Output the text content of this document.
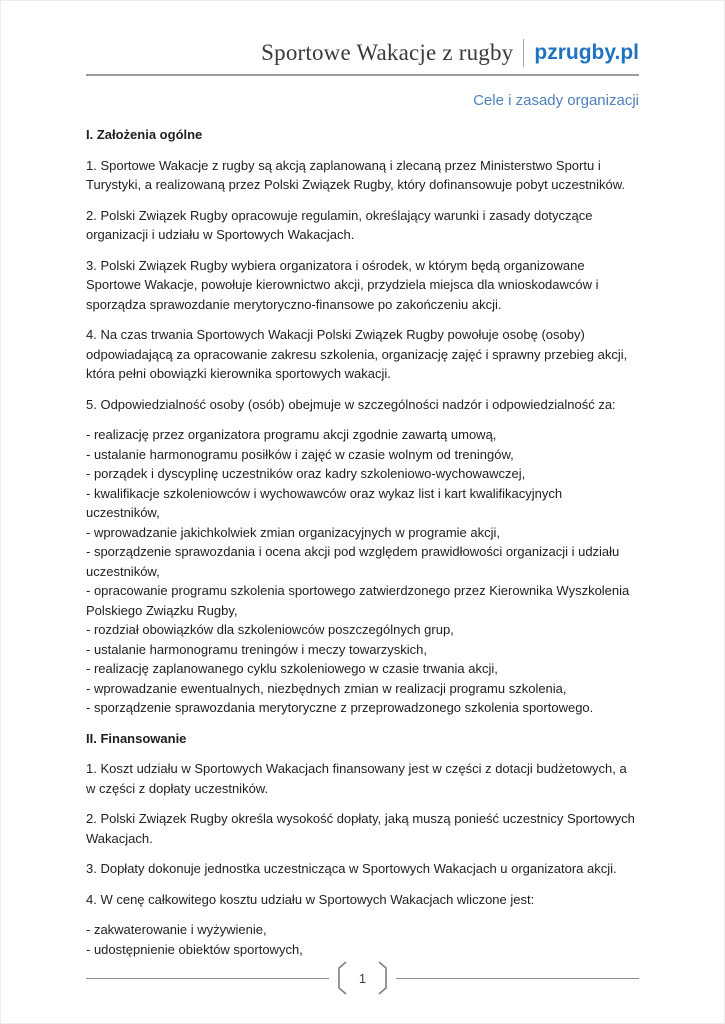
Sportowe Wakacje z rugby pzrugby.pl
Cele i zasady organizacji
I. Założenia ogólne
1. Sportowe Wakacje z rugby są akcją zaplanowaną i zlecaną przez Ministerstwo Sportu i Turystyki, a realizowaną przez Polski Związek Rugby, który dofinansowuje pobyt uczestników.
2. Polski Związek Rugby opracowuje regulamin, określający warunki i zasady dotyczące organizacji i udziału w Sportowych Wakacjach.
3. Polski Związek Rugby wybiera organizatora i ośrodek, w którym będą organizowane Sportowe Wakacje, powołuje kierownictwo akcji, przydziela miejsca dla wnioskodawców i sporządza sprawozdanie merytoryczno-finansowe po zakończeniu akcji.
4. Na czas trwania Sportowych Wakacji Polski Związek Rugby powołuje osobę (osoby) odpowiadającą za opracowanie zakresu szkolenia, organizację zajęć i sprawny przebieg akcji, która pełni obowiązki kierownika sportowych wakacji.
5. Odpowiedzialność osoby (osób) obejmuje w szczególności nadzór i odpowiedzialność za:
- realizację przez organizatora programu akcji zgodnie zawartą umową,
- ustalanie harmonogramu posiłków i zajęć w czasie wolnym od treningów,
- porządek i dyscyplinę uczestników oraz kadry szkoleniowo-wychowawczej,
- kwalifikacje szkoleniowców i wychowawców oraz wykaz list i kart kwalifikacyjnych uczestników,
- wprowadzanie jakichkolwiek zmian organizacyjnych w programie akcji,
- sporządzenie sprawozdania i ocena akcji pod względem prawidłowości organizacji i udziału uczestników,
- opracowanie programu szkolenia sportowego zatwierdzonego przez Kierownika Wyszkolenia Polskiego Związku Rugby,
- rozdział obowiązków dla szkoleniowców poszczególnych grup,
- ustalanie harmonogramu treningów i meczy towarzyskich,
- realizację zaplanowanego cyklu szkoleniowego w czasie trwania akcji,
- wprowadzanie ewentualnych, niezbędnych zmian w realizacji programu szkolenia,
- sporządzenie sprawozdania merytoryczne z przeprowadzonego szkolenia sportowego.
II. Finansowanie
1. Koszt udziału w Sportowych Wakacjach finansowany jest w części z dotacji budżetowych, a w części z dopłaty uczestników.
2. Polski Związek Rugby określa wysokość dopłaty, jaką muszą ponieść uczestnicy Sportowych Wakacjach.
3. Dopłaty dokonuje jednostka uczestnicząca w Sportowych Wakacjach u organizatora akcji.
4. W cenę całkowitego kosztu udziału w Sportowych Wakacjach wliczone jest:
- zakwaterowanie i wyżywienie,
- udostępnienie obiektów sportowych,
1
